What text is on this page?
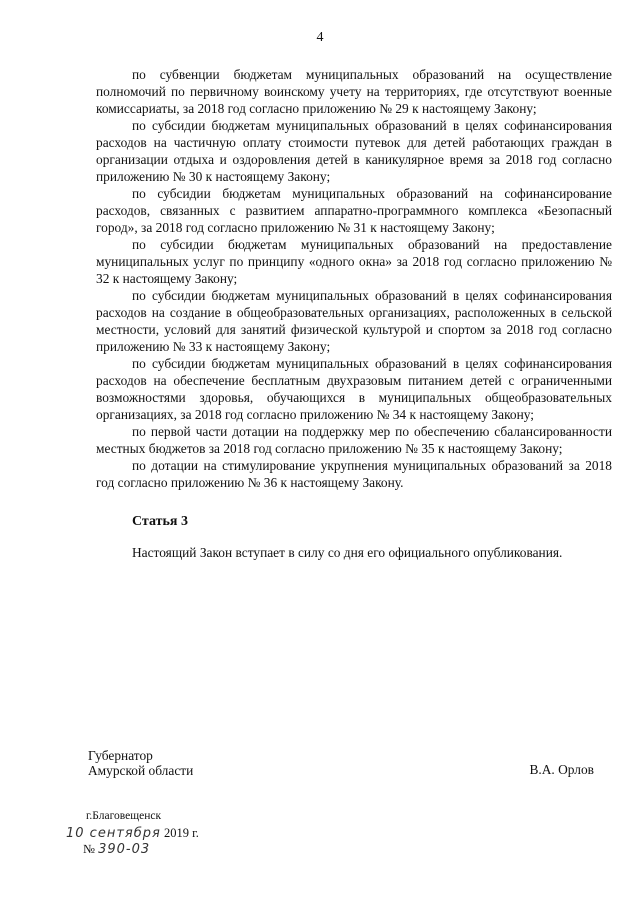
4

по субвенции бюджетам муниципальных образований на осуществление полномочий по первичному воинскому учету на территориях, где отсутствуют военные комиссариаты, за 2018 год согласно приложению № 29 к настоящему Закону;

по субсидии бюджетам муниципальных образований в целях софинансирования расходов на частичную оплату стоимости путевок для детей работающих граждан в организации отдыха и оздоровления детей в каникулярное время за 2018 год согласно приложению № 30 к настоящему Закону;

по субсидии бюджетам муниципальных образований на софинансирование расходов, связанных с развитием аппаратно-программного комплекса «Безопасный город», за 2018 год согласно приложению № 31 к настоящему Закону;

по субсидии бюджетам муниципальных образований на предоставление муниципальных услуг по принципу «одного окна» за 2018 год согласно приложению № 32 к настоящему Закону;

по субсидии бюджетам муниципальных образований в целях софинансирования расходов на создание в общеобразовательных организациях, расположенных в сельской местности, условий для занятий физической культурой и спортом за 2018 год согласно приложению № 33 к настоящему Закону;

по субсидии бюджетам муниципальных образований в целях софинансирования расходов на обеспечение бесплатным двухразовым питанием детей с ограниченными возможностями здоровья, обучающихся в муниципальных общеобразовательных организациях, за 2018 год согласно приложению № 34 к настоящему Закону;

по первой части дотации на поддержку мер по обеспечению сбалансированности местных бюджетов за 2018 год согласно приложению № 35 к настоящему Закону;

по дотации на стимулирование укрупнения муниципальных образований за 2018 год согласно приложению № 36 к настоящему Закону.

Статья 3

Настоящий Закон вступает в силу со дня его официального опубликования.

Губернатор
Амурской области	В.А. Орлов
г.Благовещенск
10 сентября 2019 г.
№ 390-03
